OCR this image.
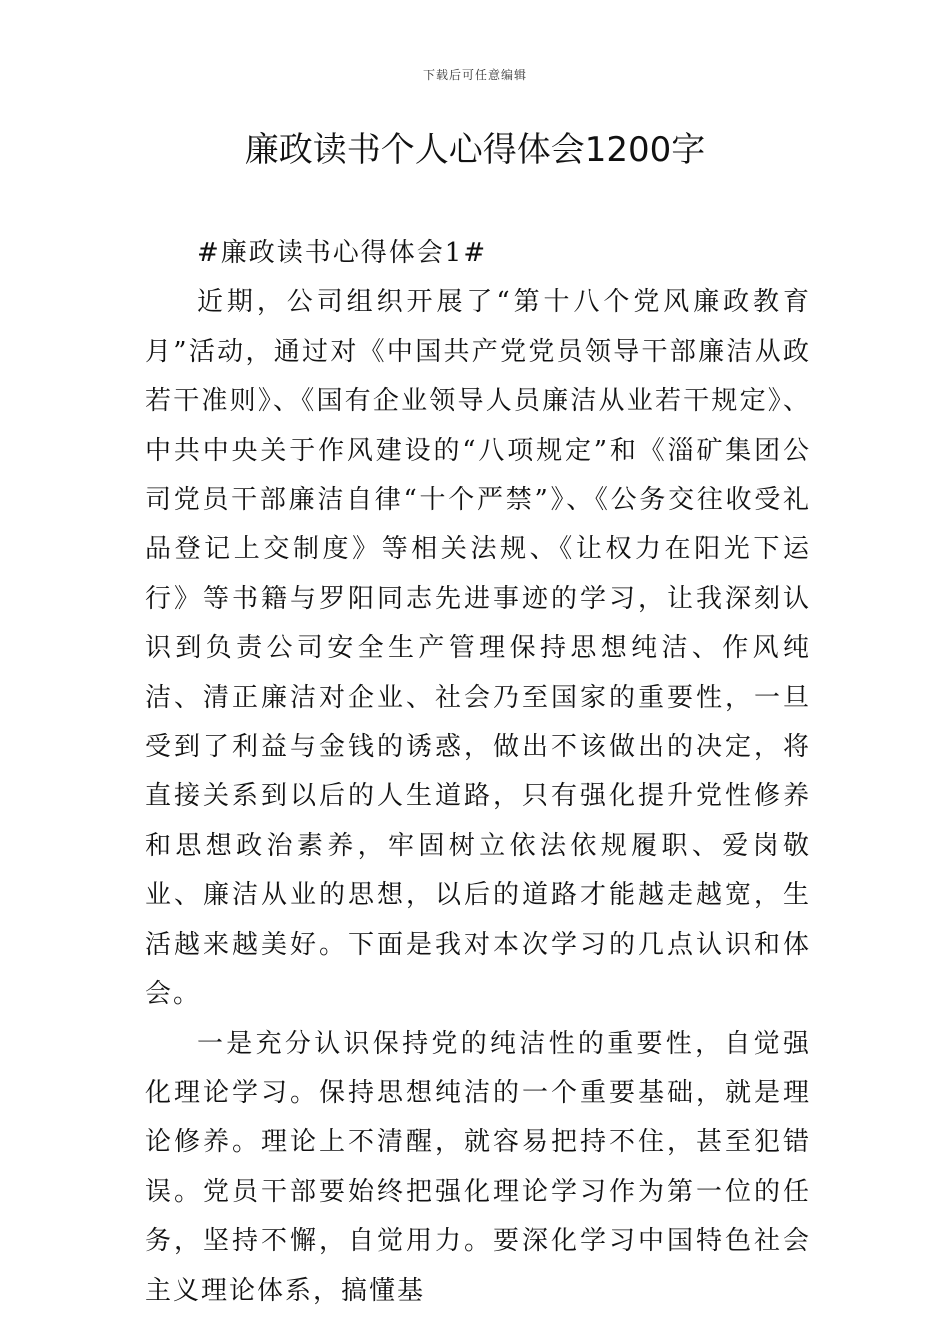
下载后可任意编辑
廉政读书个人心得体会1200字

#廉政读书心得体会1#

近期，公司组织开展了“第十八个党风廉政教育月”活动，通过对《中国共产党党员领导干部廉洁从政若干准则》、《国有企业领导人员廉洁从业若干规定》、中共中央关于作风建设的“八项规定”和《淄矿集团公司党员干部廉洁自律“十个严禁”》、《公务交往收受礼品登记上交制度》等相关法规、《让权力在阳光下运行》等书籍与罗阳同志先进事迹的学习，让我深刻认识到负责公司安全生产管理保持思想纯洁、作风纯洁、清正廉洁对企业、社会乃至国家的重要性，一旦受到了利益与金钱的诱惑，做出不该做出的决定，将直接关系到以后的人生道路，只有强化提升党性修养和思想政治素养，牢固树立依法依规履职、爱岗敬业、廉洁从业的思想，以后的道路才能越走越宽，生活越来越美好。下面是我对本次学习的几点认识和体会。

一是充分认识保持党的纯洁性的重要性，自觉强化理论学习。保持思想纯洁的一个重要基础，就是理论修养。理论上不清醒，就容易把持不住，甚至犯错误。党员干部要始终把强化理论学习作为第一位的任务，坚持不懈，自觉用力。要深化学习中国特色社会主义理论体系，搞懂基
